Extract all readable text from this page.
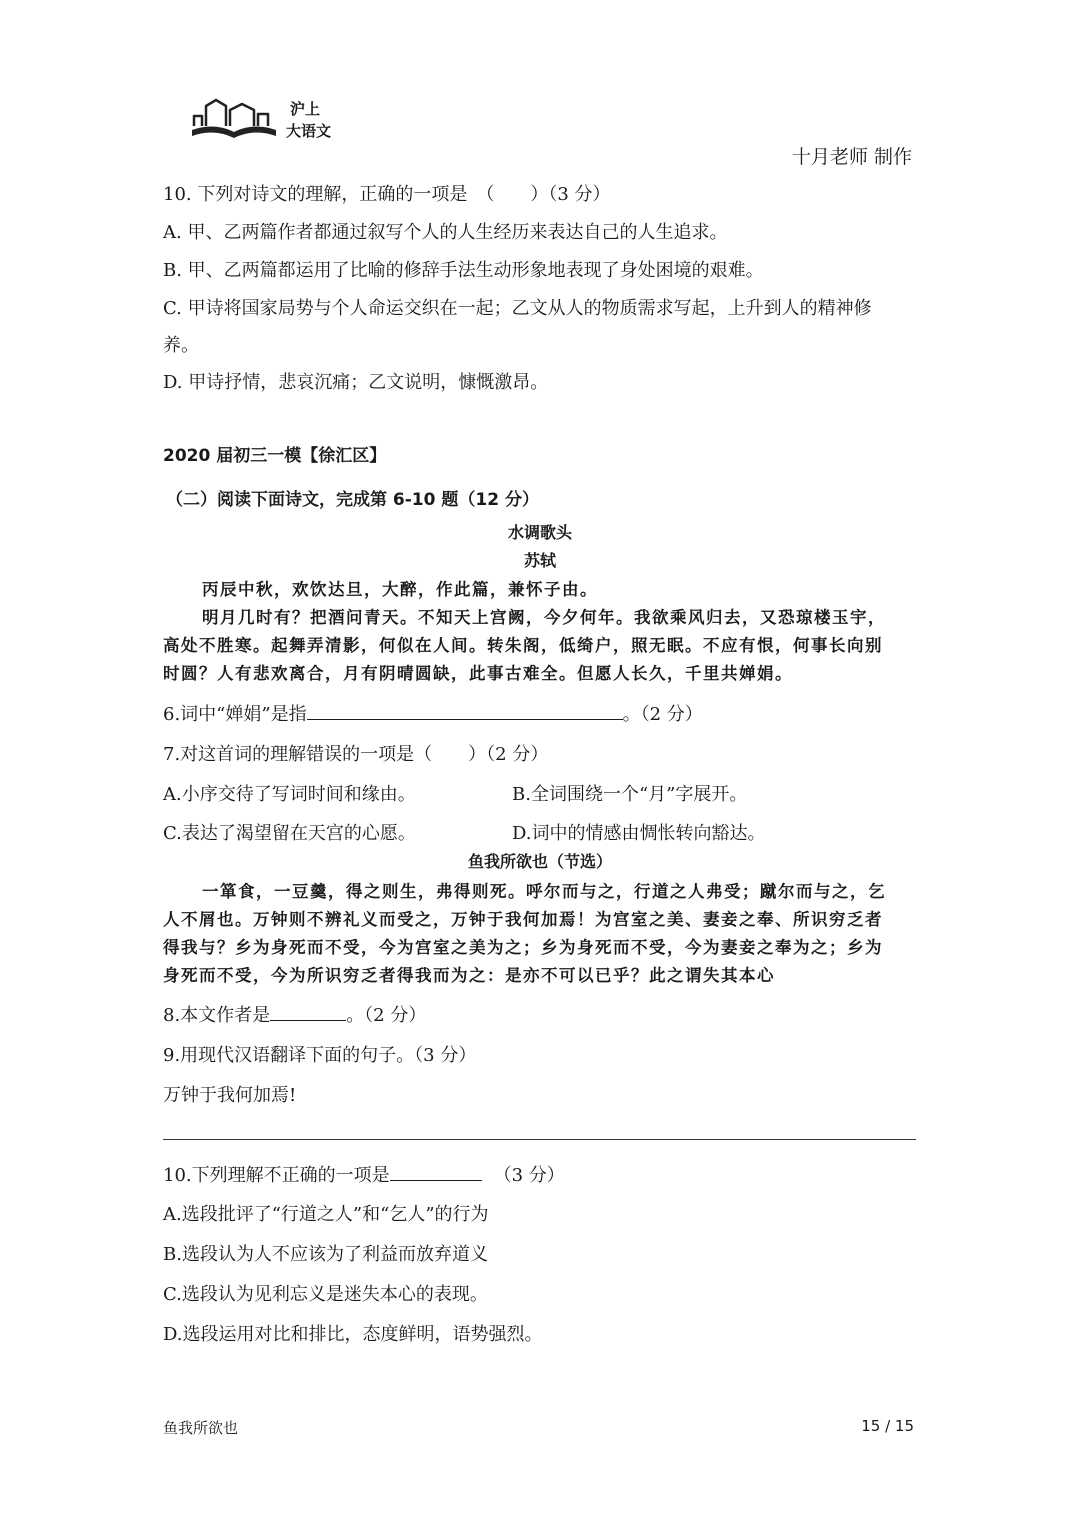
沪上
大语文
十月老师 制作
10. 下列对诗文的理解，正确的一项是　（　　）（3 分）
A. 甲、乙两篇作者都通过叙写个人的人生经历来表达自己的人生追求。
B. 甲、乙两篇都运用了比喻的修辞手法生动形象地表现了身处困境的艰难。
C. 甲诗将国家局势与个人命运交织在一起；乙文从人的物质需求写起，上升到人的精神修
养。
D. 甲诗抒情，悲哀沉痛；乙文说明，慷慨激昂。
2020 届初三一模【徐汇区】
（二）阅读下面诗文，完成第 6-10 题（12 分）
水调歌头
苏轼
丙辰中秋，欢饮达旦，大醉，作此篇，兼怀子由。
明月几时有？把酒问青天。不知天上宫阙，今夕何年。我欲乘风归去，又恐琼楼玉宇，
高处不胜寒。起舞弄清影，何似在人间。转朱阁，低绮户，照无眠。不应有恨，何事长向别
时圆？人有悲欢离合，月有阴晴圆缺，此事古难全。但愿人长久，千里共婵娟。
6.词中“婵娟”是指	。（2 分）
7.对这首词的理解错误的一项是（　　）（2 分）
A.小序交待了写词时间和缘由。	B.全词围绕一个“月”字展开。
C.表达了渴望留在天宫的心愿。	D.词中的情感由惆怅转向豁达。
鱼我所欲也（节选）
一箪食，一豆羹，得之则生，弗得则死。呼尔而与之，行道之人弗受；蹴尔而与之，乞
人不屑也。万钟则不辨礼义而受之，万钟于我何加焉！为宫室之美、妻妾之奉、所识穷乏者
得我与？乡为身死而不受，今为宫室之美为之；乡为身死而不受，今为妻妾之奉为之；乡为
身死而不受，今为所识穷乏者得我而为之：是亦不可以已乎？此之谓失其本心
8.本文作者是	。（2 分）
9.用现代汉语翻译下面的句子。（3 分）
万钟于我何加焉!
10.下列理解不正确的一项是	（3 分）
A.选段批评了“行道之人”和“乞人”的行为
B.选段认为人不应该为了利益而放弃道义
C.选段认为见利忘义是迷失本心的表现。
D.选段运用对比和排比，态度鲜明，语势强烈。
鱼我所欲也	15 / 15
